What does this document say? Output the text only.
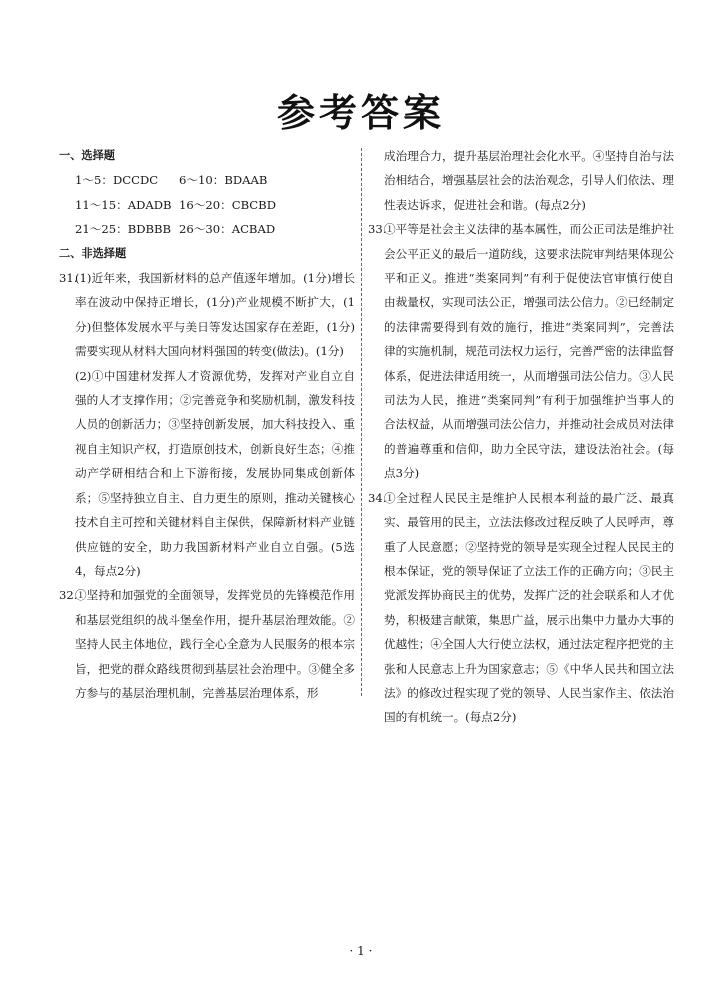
参考答案
一、选择题
1～5：DCCDC	6～10：BDAAB
11～15：ADADB 16～20：CBCBD
21～25：BDBBB 26～30：ACBAD
二、非选择题
31.

(1)近年来，我国新材料的总产值逐年增加。(1分)增长率在波动中保持正增长，(1分)产业规模不断扩大，(1分)但整体发展水平与美日等发达国家存在差距，(1分)需要实现从材料大国向材料强国的转变(做法)。(1分)

(2)①中国建材发挥人才资源优势，发挥对产业自立自强的人才支撑作用；②完善竞争和奖励机制，激发科技人员的创新活力；③坚持创新发展，加大科技投入、重视自主知识产权，打造原创技术，创新良好生态；④推动产学研相结合和上下游衔接，发展协同集成创新体系；⑤坚持独立自主、自力更生的原则，推动关键核心技术自主可控和关键材料自主保供，保障新材料产业链供应链的安全，助力我国新材料产业自立自强。(5选4，每点2分)

32.

①坚持和加强党的全面领导，发挥党员的先锋模范作用和基层党组织的战斗堡垒作用，提升基层治理效能。②坚持人民主体地位，践行全心全意为人民服务的根本宗旨，把党的群众路线贯彻到基层社会治理中。③健全多方参与的基层治理机制，完善基层治理体系，形

成治理合力，提升基层治理社会化水平。④坚持自治与法治相结合，增强基层社会的法治观念，引导人们依法、理性表达诉求，促进社会和谐。(每点2分)

33.

①平等是社会主义法律的基本属性，而公正司法是维护社会公平正义的最后一道防线，这要求法院审判结果体现公平和正义。推进“类案同判”有利于促使法官审慎行使自由裁量权，实现司法公正，增强司法公信力。②已经制定的法律需要得到有效的施行，推进“类案同判”，完善法律的实施机制，规范司法权力运行，完善严密的法律监督体系，促进法律适用统一，从而增强司法公信力。③人民司法为人民，推进“类案同判”有利于加强维护当事人的合法权益，从而增强司法公信力，并推动社会成员对法律的普遍尊重和信仰，助力全民守法，建设法治社会。(每点3分)

34.

①全过程人民民主是维护人民根本利益的最广泛、最真实、最管用的民主，立法法修改过程反映了人民呼声，尊重了人民意愿；②坚持党的领导是实现全过程人民民主的根本保证，党的领导保证了立法工作的正确方向；③民主党派发挥协商民主的优势，发挥广泛的社会联系和人才优势，积极建言献策，集思广益，展示出集中力量办大事的优越性；④全国人大行使立法权，通过法定程序把党的主张和人民意志上升为国家意志；⑤《中华人民共和国立法法》的修改过程实现了党的领导、人民当家作主、依法治国的有机统一。(每点2分)

· 1 ·
